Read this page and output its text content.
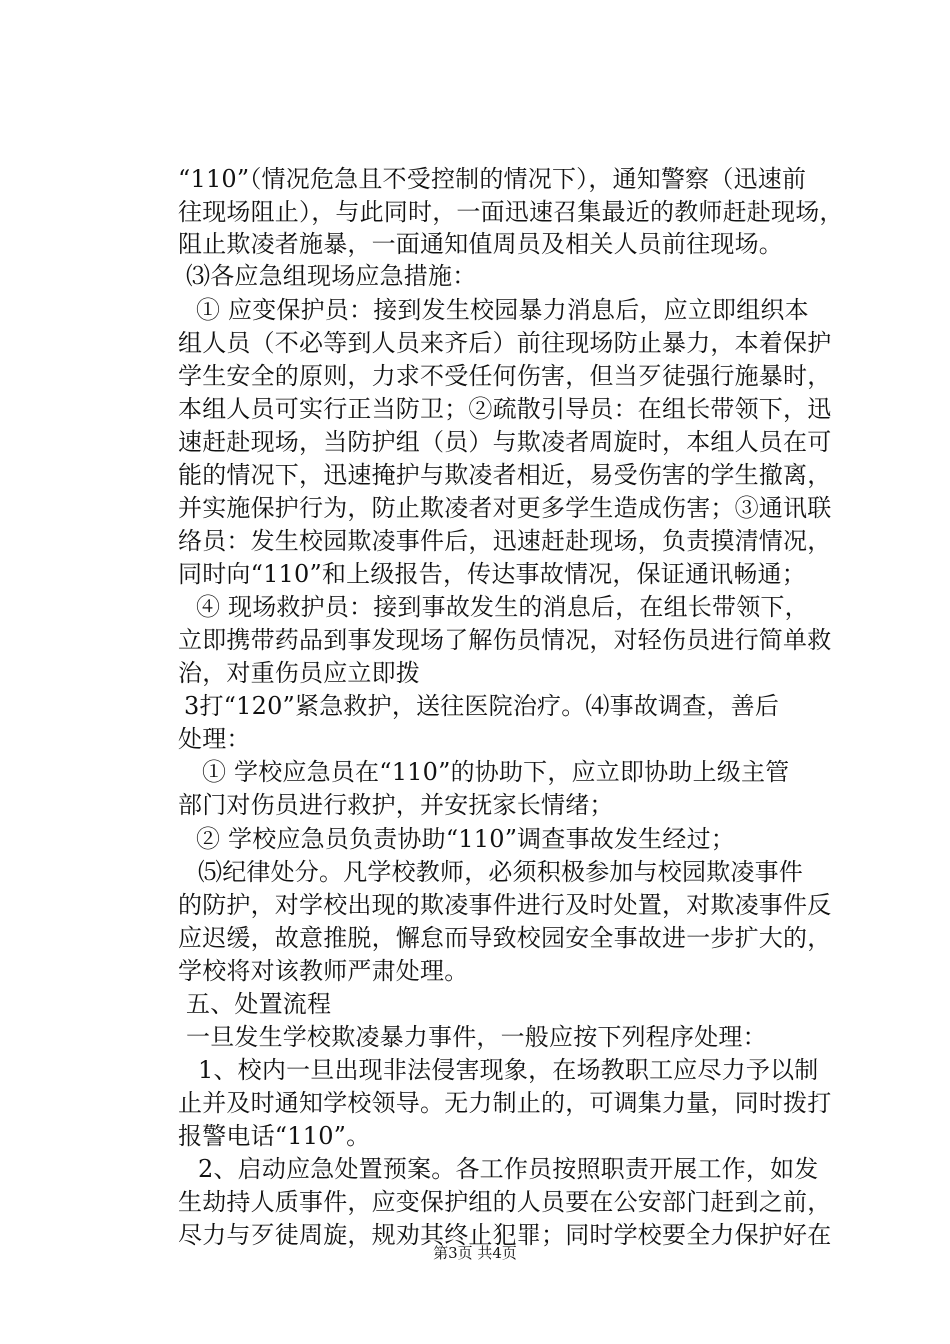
“110”（情况危急且不受控制的情况下），通知警察（迅速前
往现场阻止），与此同时，一面迅速召集最近的教师赶赴现场，
阻止欺凌者施暴，一面通知值周员及相关人员前往现场。
⑶各应急组现场应急措施：
① 应变保护员：接到发生校园暴力消息后，应立即组织本
组人员（不必等到人员来齐后）前往现场防止暴力，本着保护
学生安全的原则，力求不受任何伤害，但当歹徒强行施暴时，
本组人员可实行正当防卫；②疏散引导员：在组长带领下，迅
速赶赴现场，当防护组（员）与欺凌者周旋时，本组人员在可
能的情况下，迅速掩护与欺凌者相近，易受伤害的学生撤离，
并实施保护行为，防止欺凌者对更多学生造成伤害；③通讯联
络员：发生校园欺凌事件后，迅速赶赴现场，负责摸清情况，
同时向“110”和上级报告，传达事故情况，保证通讯畅通；
④ 现场救护员：接到事故发生的消息后，在组长带领下，
立即携带药品到事发现场了解伤员情况，对轻伤员进行简单救
治，对重伤员应立即拨
3打“120”紧急救护，送往医院治疗。⑷事故调查，善后
处理：
① 学校应急员在“110”的协助下，应立即协助上级主管
部门对伤员进行救护，并安抚家长情绪；
② 学校应急员负责协助“110”调查事故发生经过；
⑸纪律处分。凡学校教师，必须积极参加与校园欺凌事件
的防护，对学校出现的欺凌事件进行及时处置，对欺凌事件反
应迟缓，故意推脱，懈怠而导致校园安全事故进一步扩大的，
学校将对该教师严肃处理。
五、处置流程
一旦发生学校欺凌暴力事件，一般应按下列程序处理：
1、校内一旦出现非法侵害现象，在场教职工应尽力予以制
止并及时通知学校领导。无力制止的，可调集力量，同时拨打
报警电话“110”。
2、启动应急处置预案。各工作员按照职责开展工作，如发
生劫持人质事件，应变保护组的人员要在公安部门赶到之前，
尽力与歹徒周旋，规劝其终止犯罪；同时学校要全力保护好在
第3页 共4页
